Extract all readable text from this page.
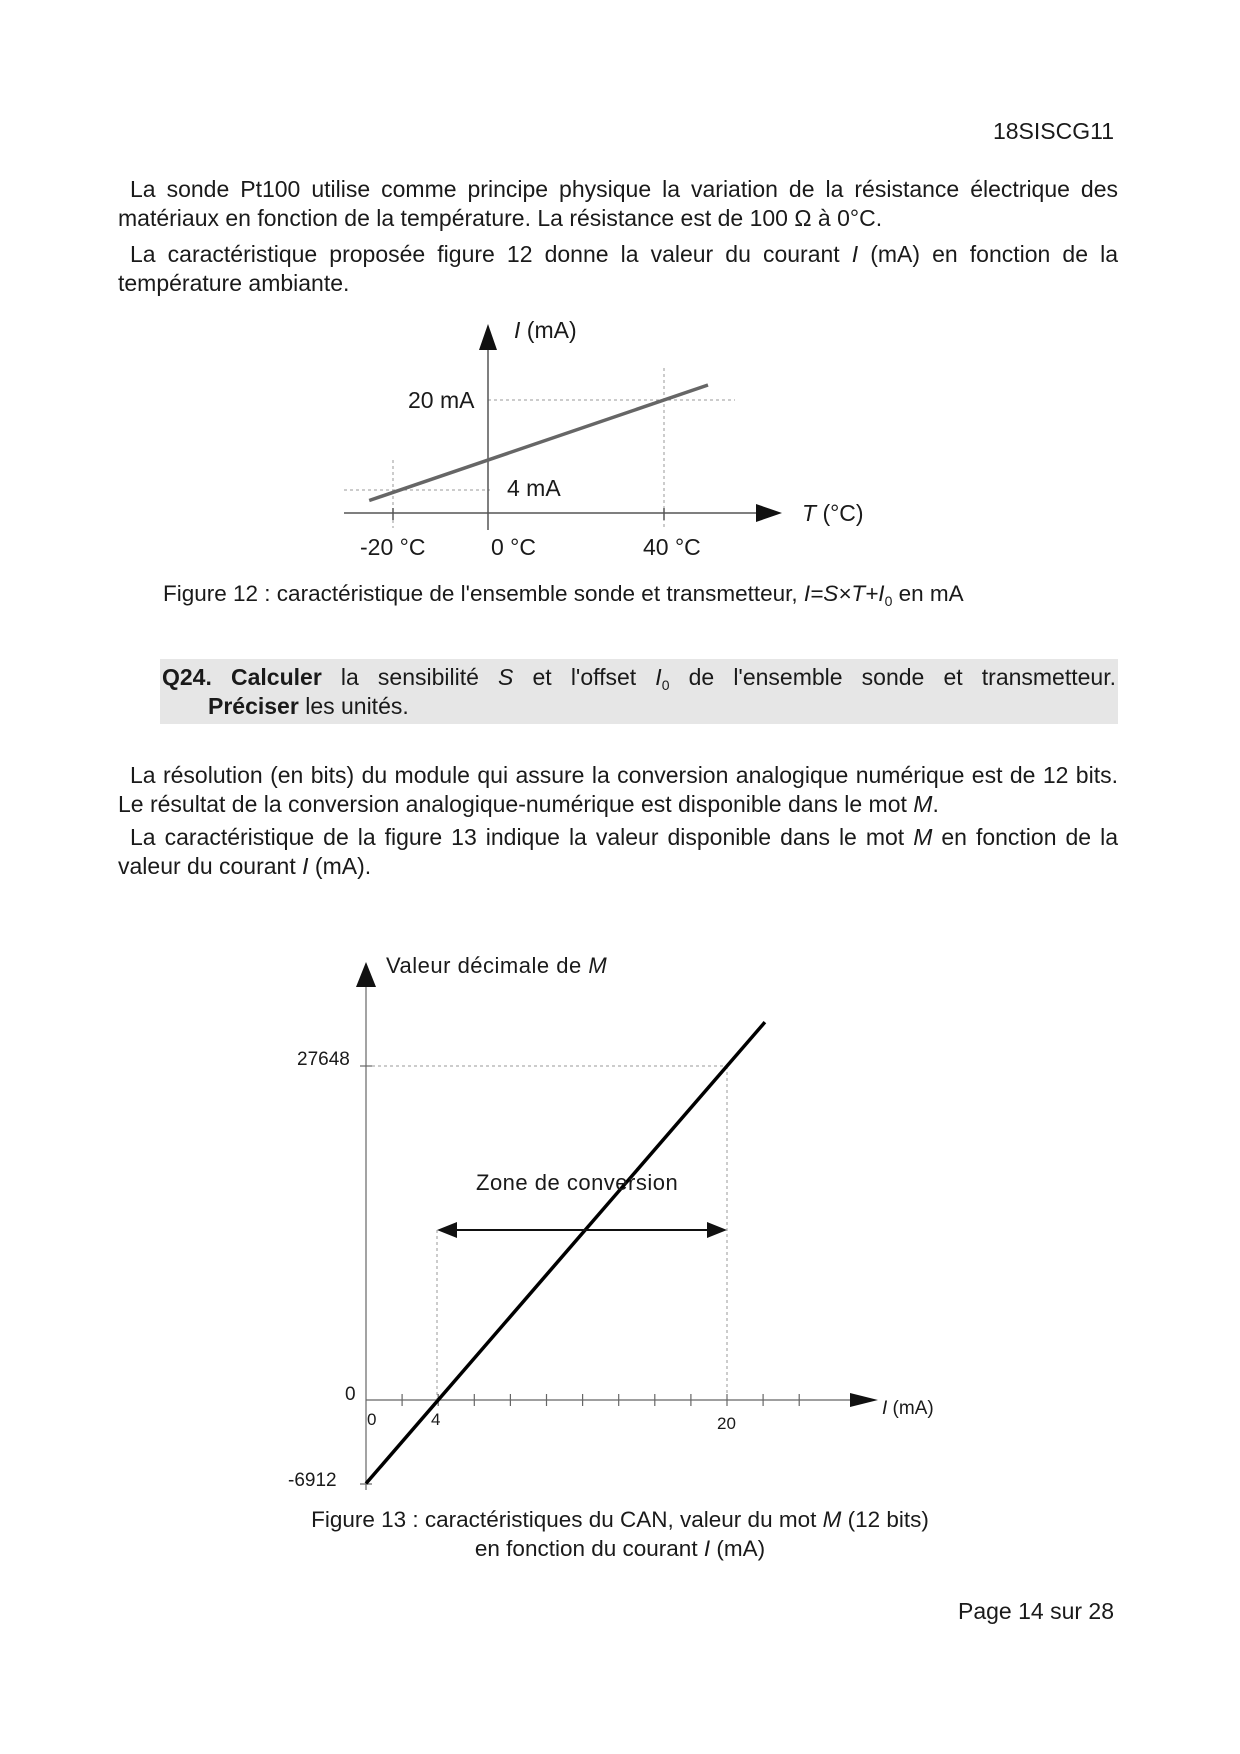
18SISCG11
La sonde Pt100 utilise comme principe physique la variation de la résistance électrique des matériaux en fonction de la température. La résistance est de 100 Ω à 0°C.
La caractéristique proposée figure 12 donne la valeur du courant I (mA) en fonction de la température ambiante.
I (mA)
20 mA
4 mA
T (°C)
-20 °C	0 °C	40 °C
Figure 12 : caractéristique de l'ensemble sonde et transmetteur, $I=S\times T+I_0$ en mA
Q24. Calculer la sensibilité S et l'offset $I_0$ de l'ensemble sonde et transmetteur.
Préciser les unités.
La résolution (en bits) du module qui assure la conversion analogique numérique est de 12 bits. Le résultat de la conversion analogique-numérique est disponible dans le mot M.
La caractéristique de la figure 13 indique la valeur disponible dans le mot M en fonction de la valeur du courant I (mA).
Zone de conversion
Valeur décimale de M
27648
0
-6912
0	4	20
I (mA)
Figure 13 : caractéristiques du CAN, valeur du mot M (12 bits)
en fonction du courant I (mA)
Page 14 sur 28
